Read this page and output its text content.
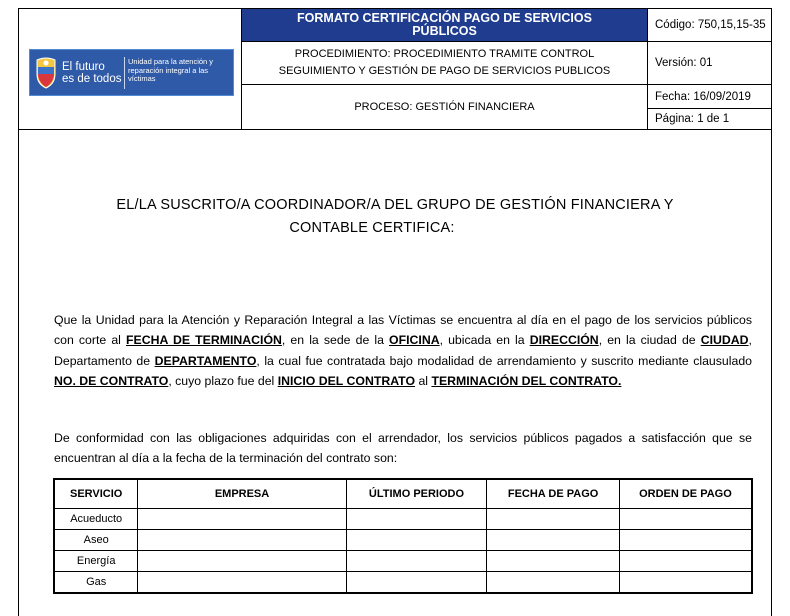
El futuro
es de todos
Unidad para la atención y reparación integral a las víctimas
FORMATO CERTIFICACIÓN PAGO DE SERVICIOS PÚBLICOS
PROCEDIMIENTO: PROCEDIMIENTO TRAMITE CONTROL SEGUIMIENTO Y GESTIÓN DE PAGO DE SERVICIOS PUBLICOS
PROCESO: GESTIÓN FINANCIERA
Código: 750,15,15-35
Versión: 01
Fecha: 16/09/2019
Página: 1 de 1
EL/LA SUSCRITO/A COORDINADOR/A DEL GRUPO DE GESTIÓN FINANCIERA Y
CONTABLE CERTIFICA:
Que la Unidad para la Atención y Reparación Integral a las Víctimas se encuentra al día en el pago de los servicios públicos con corte al FECHA DE TERMINACIÓN, en la sede de la OFICINA, ubicada en la DIRECCIÓN, en la ciudad de CIUDAD, Departamento de DEPARTAMENTO, la cual fue contratada bajo modalidad de arrendamiento y suscrito mediante clausulado NO. DE CONTRATO, cuyo plazo fue del INICIO DEL CONTRATO al TERMINACIÓN DEL CONTRATO.
De conformidad con las obligaciones adquiridas con el arrendador, los servicios públicos pagados a satisfacción que se encuentran al día a la fecha de la terminación del contrato son:
SERVICIO	EMPRESA	ÚLTIMO PERIODO	FECHA DE PAGO	ORDEN DE PAGO
Acueducto				
Aseo				
Energía				
Gas				
